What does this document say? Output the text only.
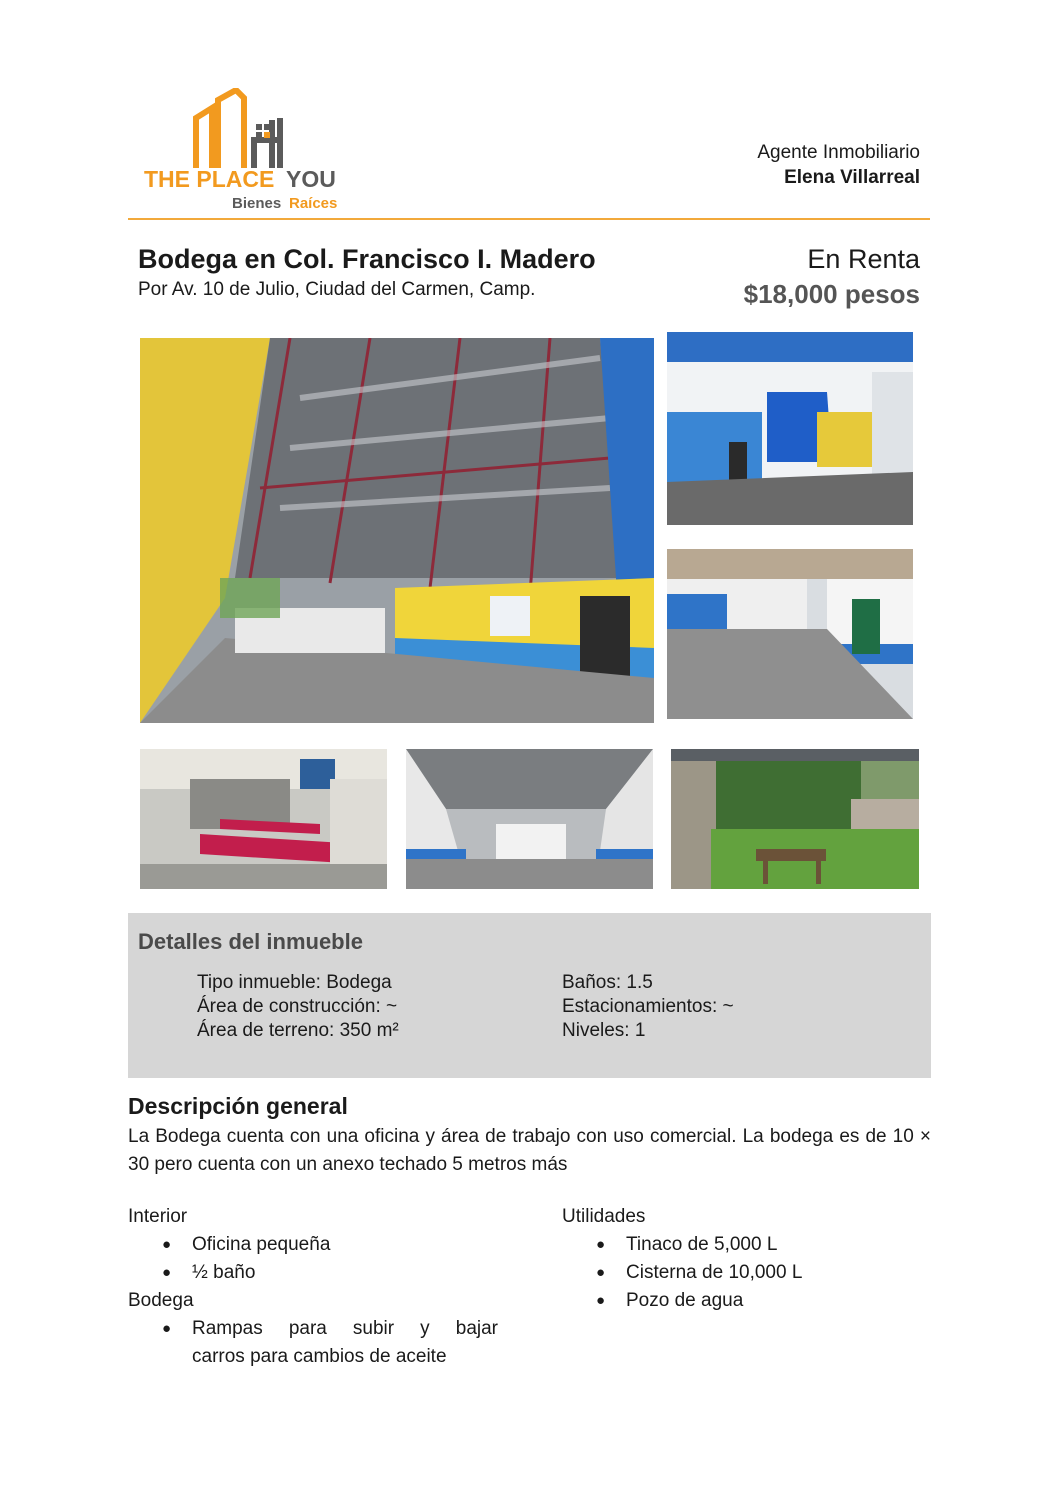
THE PLACE YOU
Bienes Raíces
Agente Inmobiliario
Elena Villarreal
Bodega en Col. Francisco I. Madero
Por Av. 10 de Julio, Ciudad del Carmen, Camp.
En Renta
$18,000 pesos
Detalles del inmueble
Tipo inmueble: Bodega
Área de construcción: ~
Área de terreno: 350 m²
Baños: 1.5
Estacionamientos: ~
Niveles: 1
Descripción general
La Bodega cuenta con una oficina y área de trabajo con uso comercial. La bodega es de 10 × 30 pero cuenta con un anexo techado 5 metros más
Interior
● Oficina pequeña
● ½ baño
Bodega
● Rampas para subir y bajar
carros para cambios de aceite
Utilidades
● Tinaco de 5,000 L
● Cisterna de 10,000 L
● Pozo de agua
